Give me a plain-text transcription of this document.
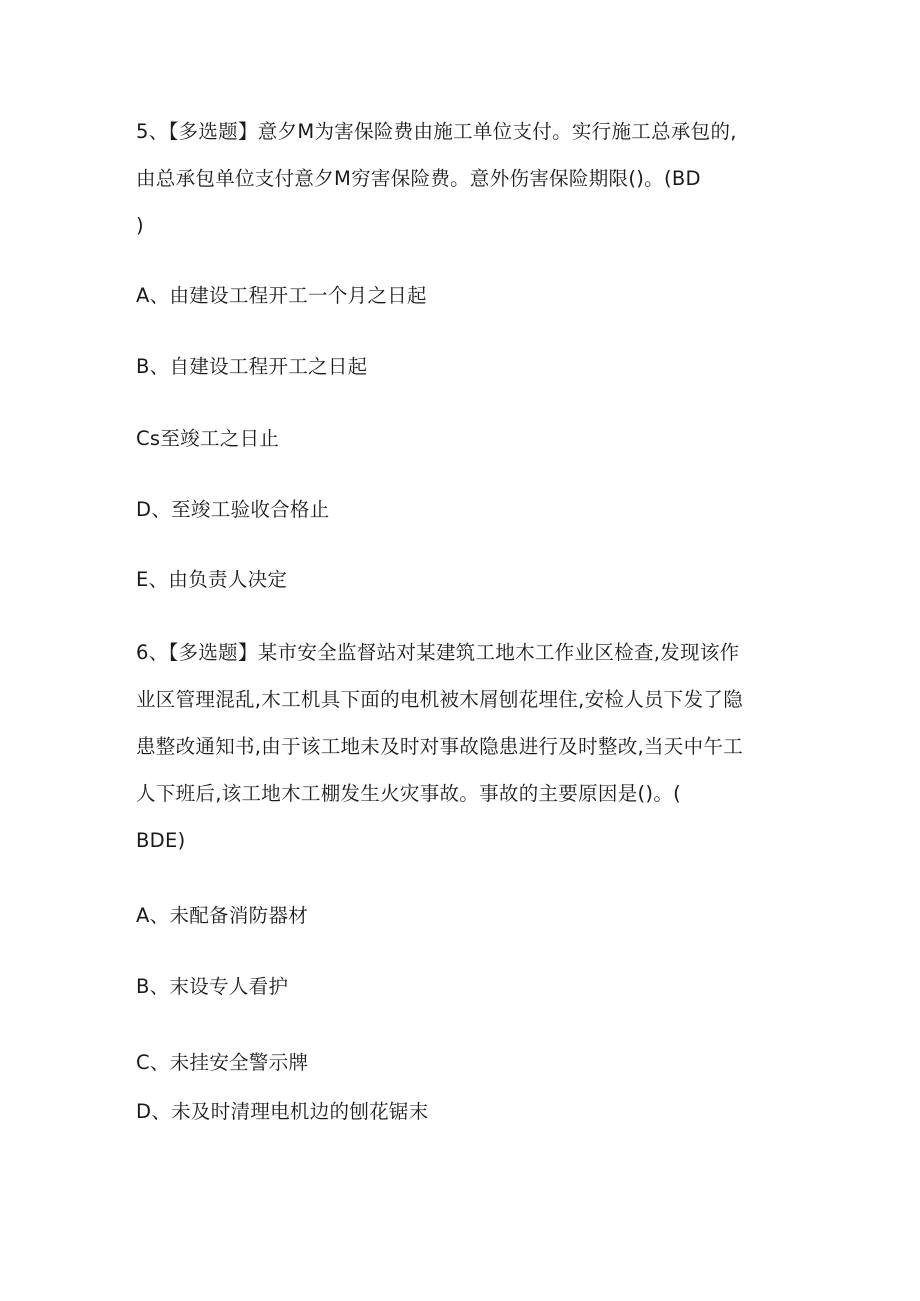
5、【多选题】意夕M为害保险费由施工单位支付。实行施工总承包的,
由总承包单位支付意夕M穷害保险费。意外伤害保险期限()。(BD
)
A、由建设工程开工一个月之日起
B、自建设工程开工之日起
Cs至竣工之日止
D、至竣工验收合格止
E、由负责人决定
6、【多选题】某市安全监督站对某建筑工地木工作业区检查,发现该作
业区管理混乱,木工机具下面的电机被木屑刨花埋住,安检人员下发了隐
患整改通知书,由于该工地未及时对事故隐患进行及时整改,当天中午工
人下班后,该工地木工棚发生火灾事故。事故的主要原因是()。(
BDE)
A、未配备消防器材
B、末设专人看护
C、未挂安全警示牌
D、未及时清理电机边的刨花锯末
